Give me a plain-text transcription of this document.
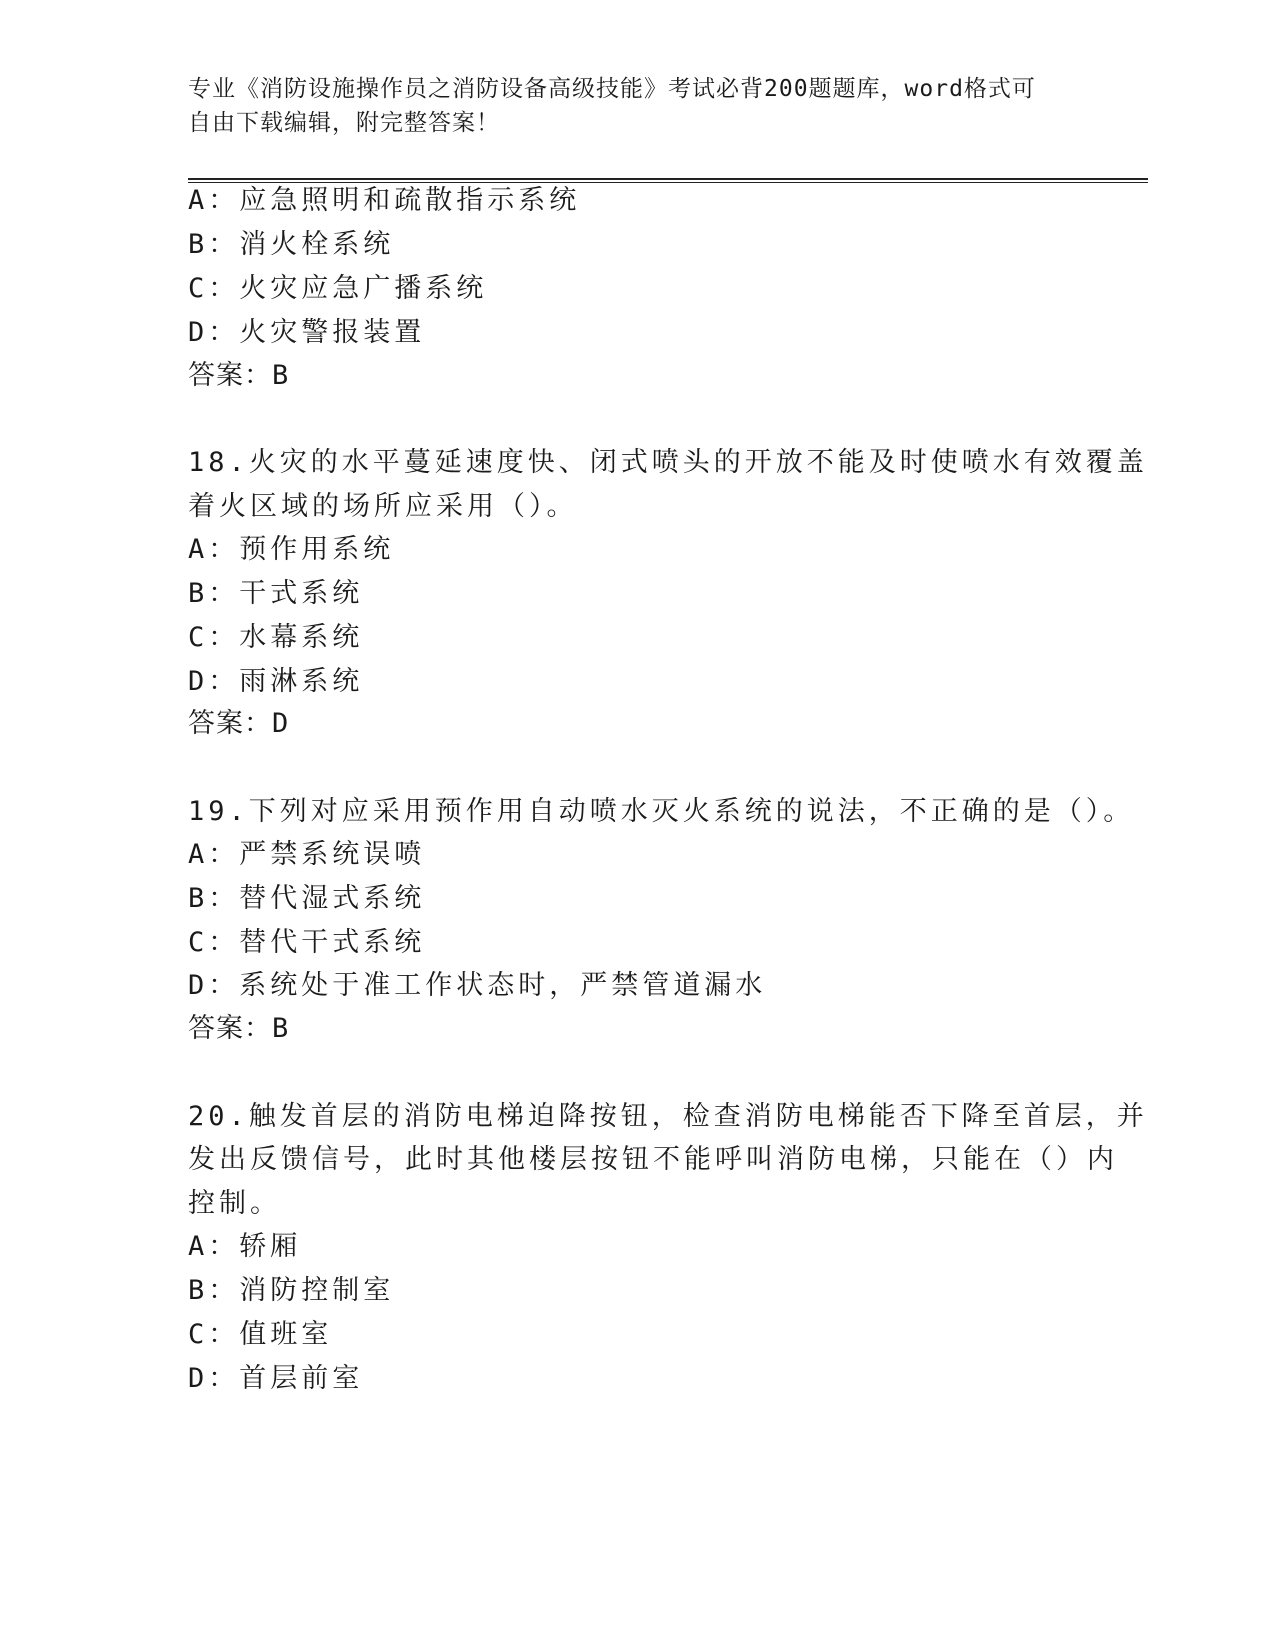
专业《消防设施操作员之消防设备高级技能》考试必背200题题库，word格式可
自由下载编辑，附完整答案！
A：应急照明和疏散指示系统
B：消火栓系统
C：火灾应急广播系统
D：火灾警报装置
答案：B
18.火灾的水平蔓延速度快、闭式喷头的开放不能及时使喷水有效覆盖
着火区域的场所应采用（）。
A：预作用系统
B：干式系统
C：水幕系统
D：雨淋系统
答案：D
19.下列对应采用预作用自动喷水灭火系统的说法，不正确的是（）。
A：严禁系统误喷
B：替代湿式系统
C：替代干式系统
D：系统处于准工作状态时，严禁管道漏水
答案：B
20.触发首层的消防电梯迫降按钮，检查消防电梯能否下降至首层，并
发出反馈信号，此时其他楼层按钮不能呼叫消防电梯，只能在（）内
控制。
A：轿厢
B：消防控制室
C：值班室
D：首层前室
